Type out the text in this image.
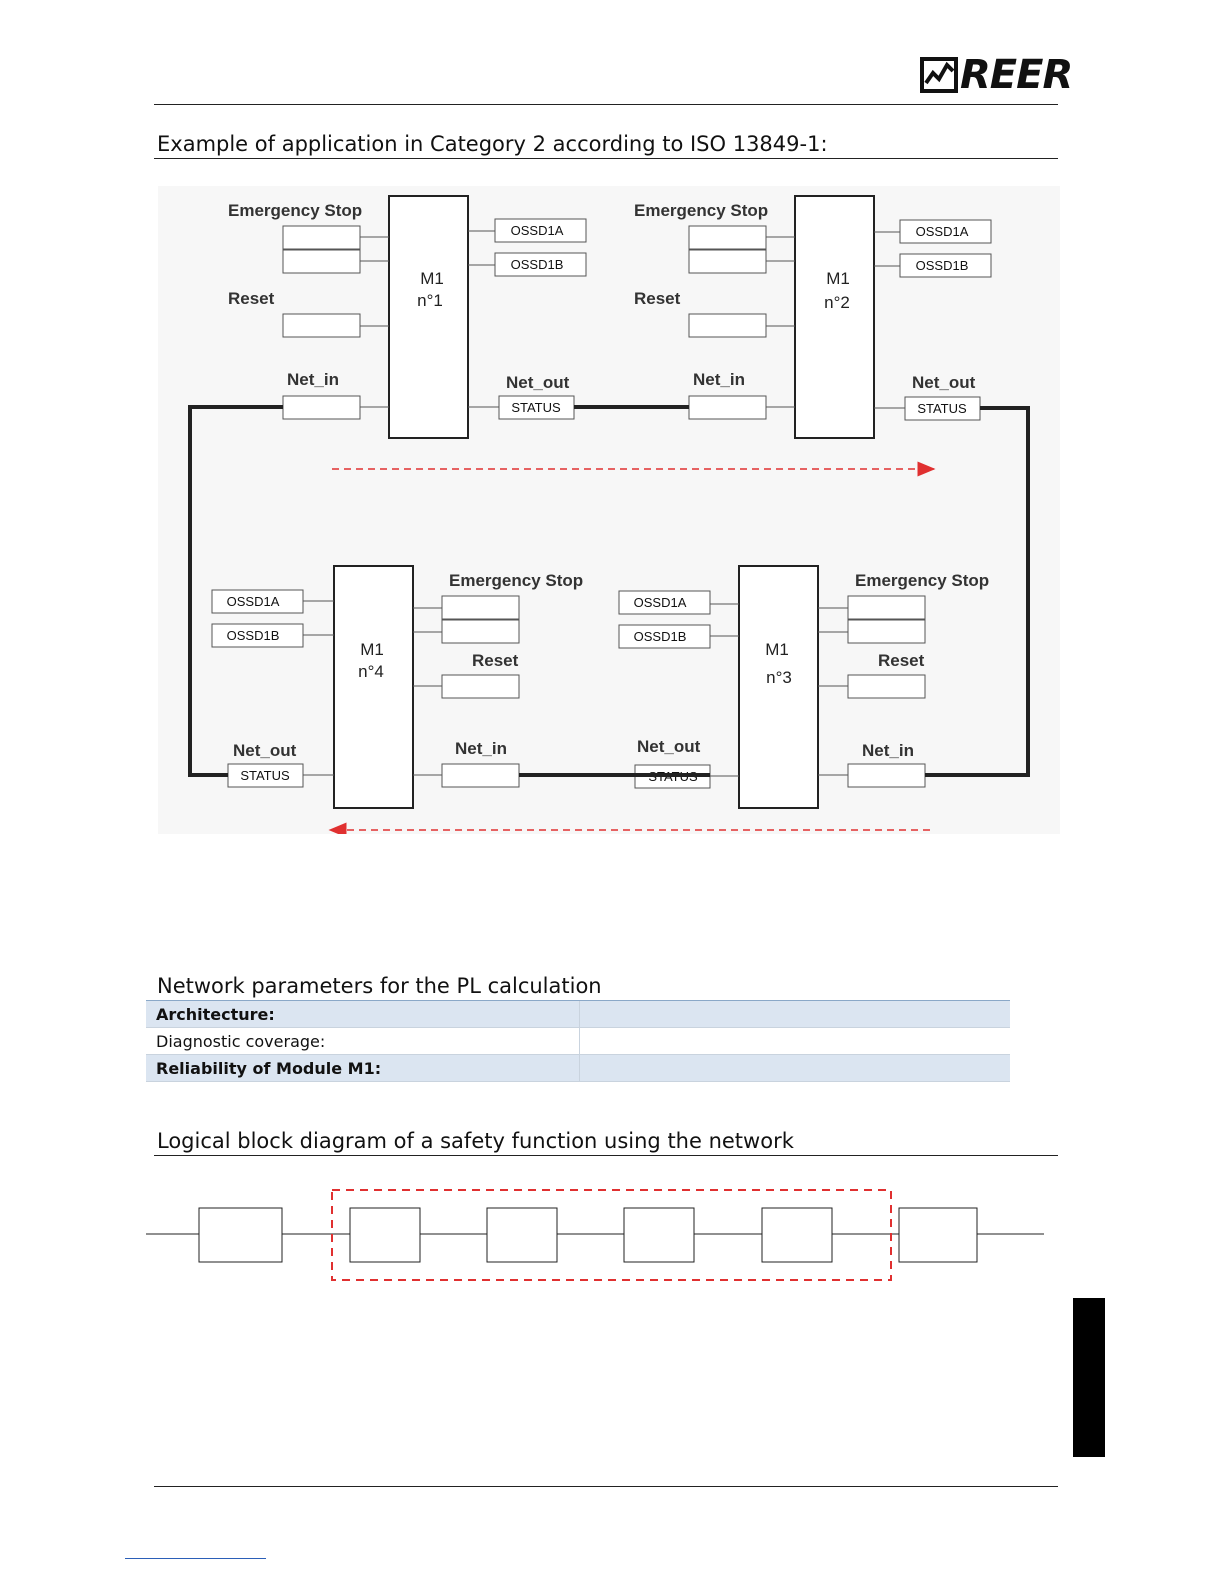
REER
Example of application in Category 2 according to ISO 13849-1:
M1
n°1
Emergency Stop
Reset
Net_in
OSSD1A
OSSD1B
Net_out
STATUS
M1
n°2
Emergency Stop
Reset
Net_in
OSSD1A
OSSD1B
Net_out
STATUS
M1
n°4
OSSD1A
OSSD1B
Emergency Stop
Reset
Net_out
STATUS
Net_in
M1
n°3
OSSD1A
OSSD1B
Emergency Stop
Reset
Net_out
STATUS
Net_in
Network parameters for the PL calculation
Architecture:	
Diagnostic coverage:	
Reliability of Module M1:	
Logical block diagram of a safety function using the network
